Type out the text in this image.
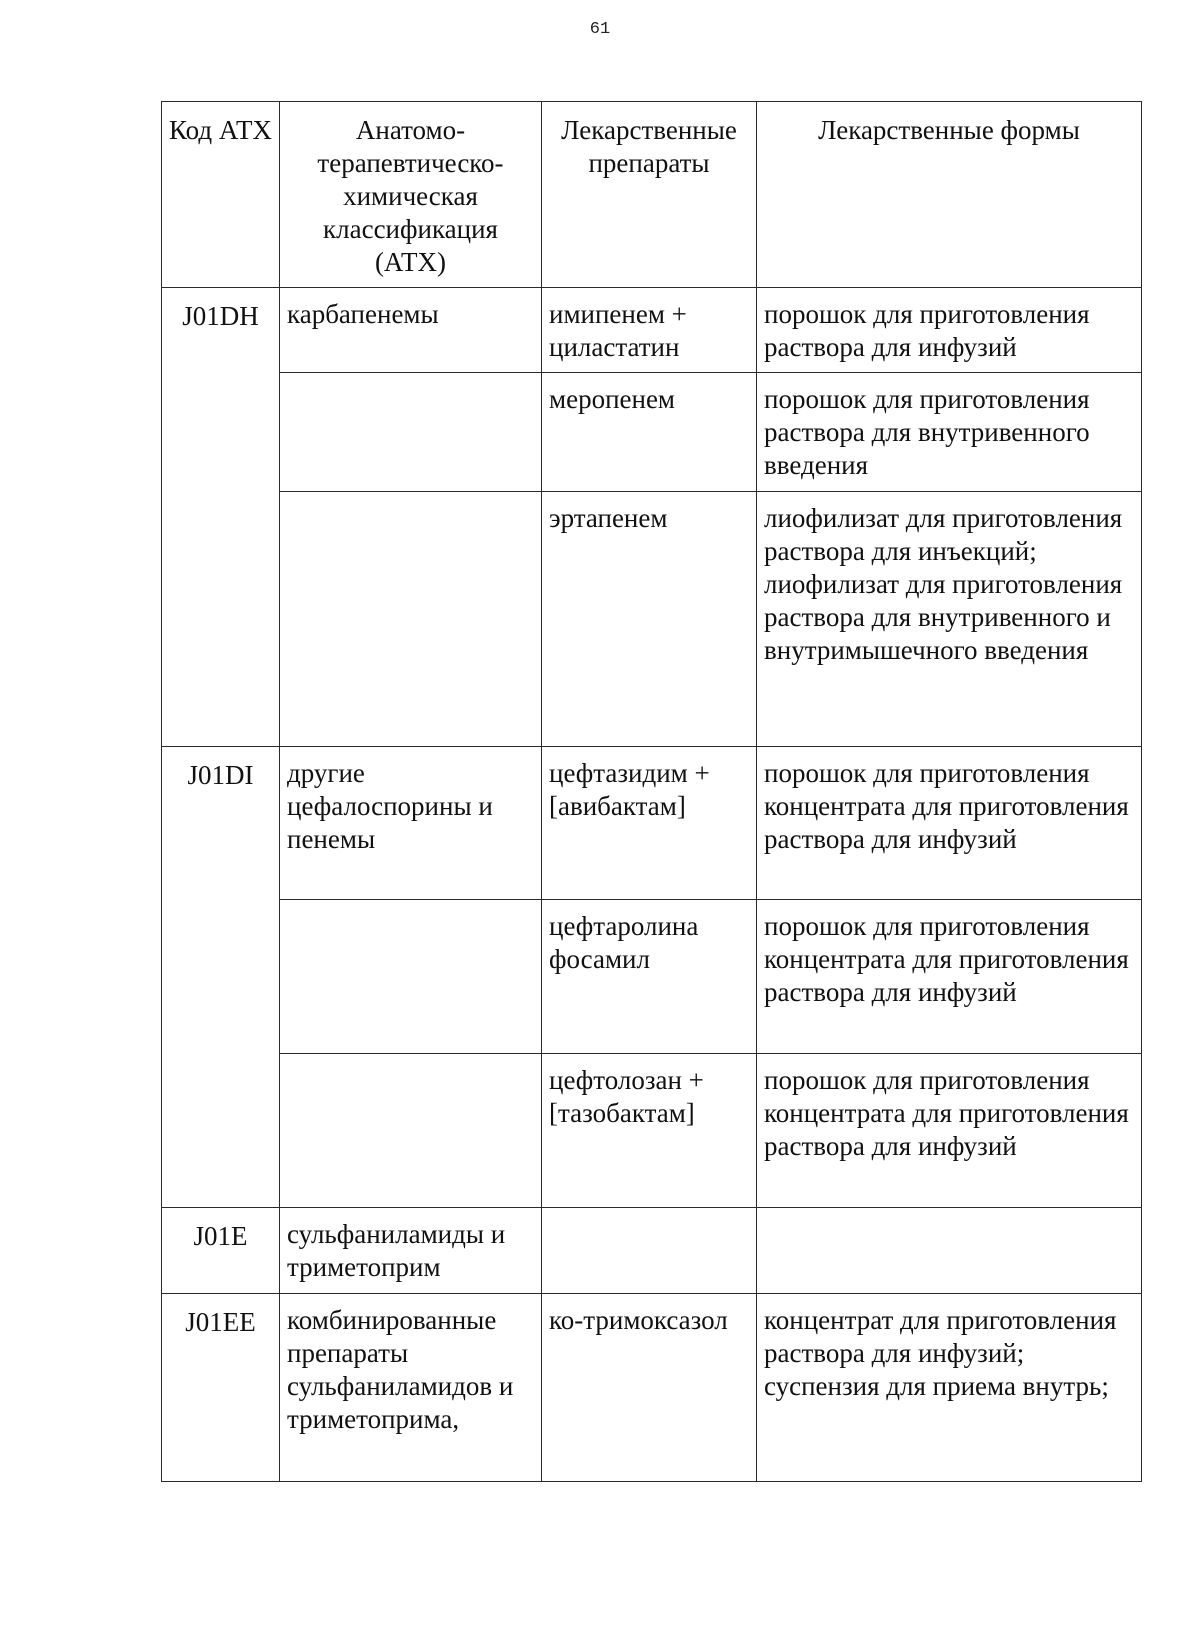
61
Код АТХ	Анатомо-терапевтическо-химическая классификация (АТХ)	Лекарственные препараты	Лекарственные формы
J01DH	карбапенемы	имипенем + циластатин	порошок для приготовления раствора для инфузий

		меропенем	порошок для приготовления раствора для внутривенного введения

		эртапенем	лиофилизат для приготовления раствора для инъекций;
лиофилизат для приготовления раствора для внутривенного и внутримышечного введения

J01DI	другие цефалоспорины и пенемы	цефтазидим + [авибактам]	порошок для приготовления концентрата для приготовления раствора для инфузий

		цефтаролина фосамил	порошок для приготовления концентрата для приготовления раствора для инфузий

		цефтолозан + [тазобактам]	порошок для приготовления концентрата для приготовления раствора для инфузий

J01E	сульфаниламиды и триметоприм		
J01EE	комбинированные препараты сульфаниламидов и триметоприма,	ко-тримоксазол	концентрат для приготовления раствора для инфузий;
суспензия для приема внутрь;
